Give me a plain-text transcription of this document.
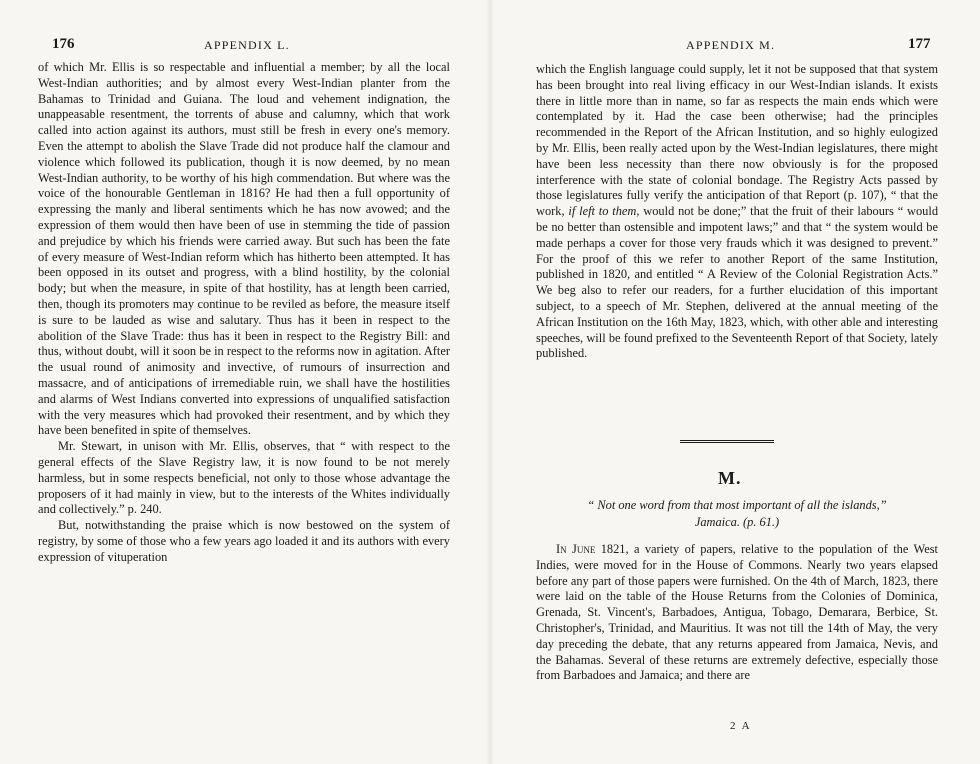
176	APPENDIX L.

of which Mr. Ellis is so respectable and influential a member; by all the local West-Indian authorities; and by almost every West-Indian planter from the Bahamas to Trinidad and Guiana. The loud and vehement indignation, the unappeasable resentment, the torrents of abuse and calumny, which that work called into action against its authors, must still be fresh in every one's memory. Even the attempt to abolish the Slave Trade did not produce half the clamour and violence which followed its publication, though it is now deemed, by no mean West-Indian authority, to be worthy of his high commendation. But where was the voice of the honourable Gentleman in 1816? He had then a full opportunity of expressing the manly and liberal sentiments which he has now avowed; and the expression of them would then have been of use in stemming the tide of passion and prejudice by which his friends were carried away. But such has been the fate of every measure of West-Indian reform which has hitherto been attempted. It has been opposed in its outset and progress, with a blind hostility, by the colonial body; but when the measure, in spite of that hostility, has at length been carried, then, though its promoters may continue to be reviled as before, the measure itself is sure to be lauded as wise and salutary. Thus has it been in respect to the abolition of the Slave Trade: thus has it been in respect to the Registry Bill: and thus, without doubt, will it soon be in respect to the reforms now in agitation. After the usual round of animosity and invective, of rumours of insurrection and massacre, and of anticipations of irremediable ruin, we shall have the hostilities and alarms of West Indians converted into expressions of unqualified satisfaction with the very measures which had provoked their resentment, and by which they have been benefited in spite of themselves.

Mr. Stewart, in unison with Mr. Ellis, observes, that “ with respect to the general effects of the Slave Registry law, it is now found to be not merely harmless, but in some respects beneficial, not only to those whose advantage the proposers of it had mainly in view, but to the interests of the Whites individually and collectively.” p. 240.

But, notwithstanding the praise which is now bestowed on the system of registry, by some of those who a few years ago loaded it and its authors with every expression of vituperation

APPENDIX M.	177

which the English language could supply, let it not be supposed that that system has been brought into real living efficacy in our West-Indian islands. It exists there in little more than in name, so far as respects the main ends which were contemplated by it. Had the case been otherwise; had the principles recommended in the Report of the African Institution, and so highly eulogized by Mr. Ellis, been really acted upon by the West-Indian legislatures, there might have been less necessity than there now obviously is for the proposed interference with the state of colonial bondage. The Registry Acts passed by those legislatures fully verify the anticipation of that Report (p. 107), “ that the work, if left to them, would not be done;” that the fruit of their labours “ would be no better than ostensible and impotent laws;” and that “ the system would be made perhaps a cover for those very frauds which it was designed to prevent.” For the proof of this we refer to another Report of the same Institution, published in 1820, and entitled “ A Review of the Colonial Registration Acts.” We beg also to refer our readers, for a further elucidation of this important subject, to a speech of Mr. Stephen, delivered at the annual meeting of the African Institution on the 16th May, 1823, which, with other able and interesting speeches, will be found prefixed to the Seventeenth Report of that Society, lately published.

M.
“ Not one word from that most important of all the islands,”
Jamaica. (p. 61.)

In June 1821, a variety of papers, relative to the population of the West Indies, were moved for in the House of Commons. Nearly two years elapsed before any part of those papers were furnished. On the 4th of March, 1823, there were laid on the table of the House Returns from the Colonies of Dominica, Grenada, St. Vincent's, Barbadoes, Antigua, Tobago, Demarara, Berbice, St. Christopher's, Trinidad, and Mauritius. It was not till the 14th of May, the very day preceding the debate, that any returns appeared from Jamaica, Nevis, and the Bahamas. Several of these returns are extremely defective, especially those from Barbadoes and Jamaica; and there are

2 A
